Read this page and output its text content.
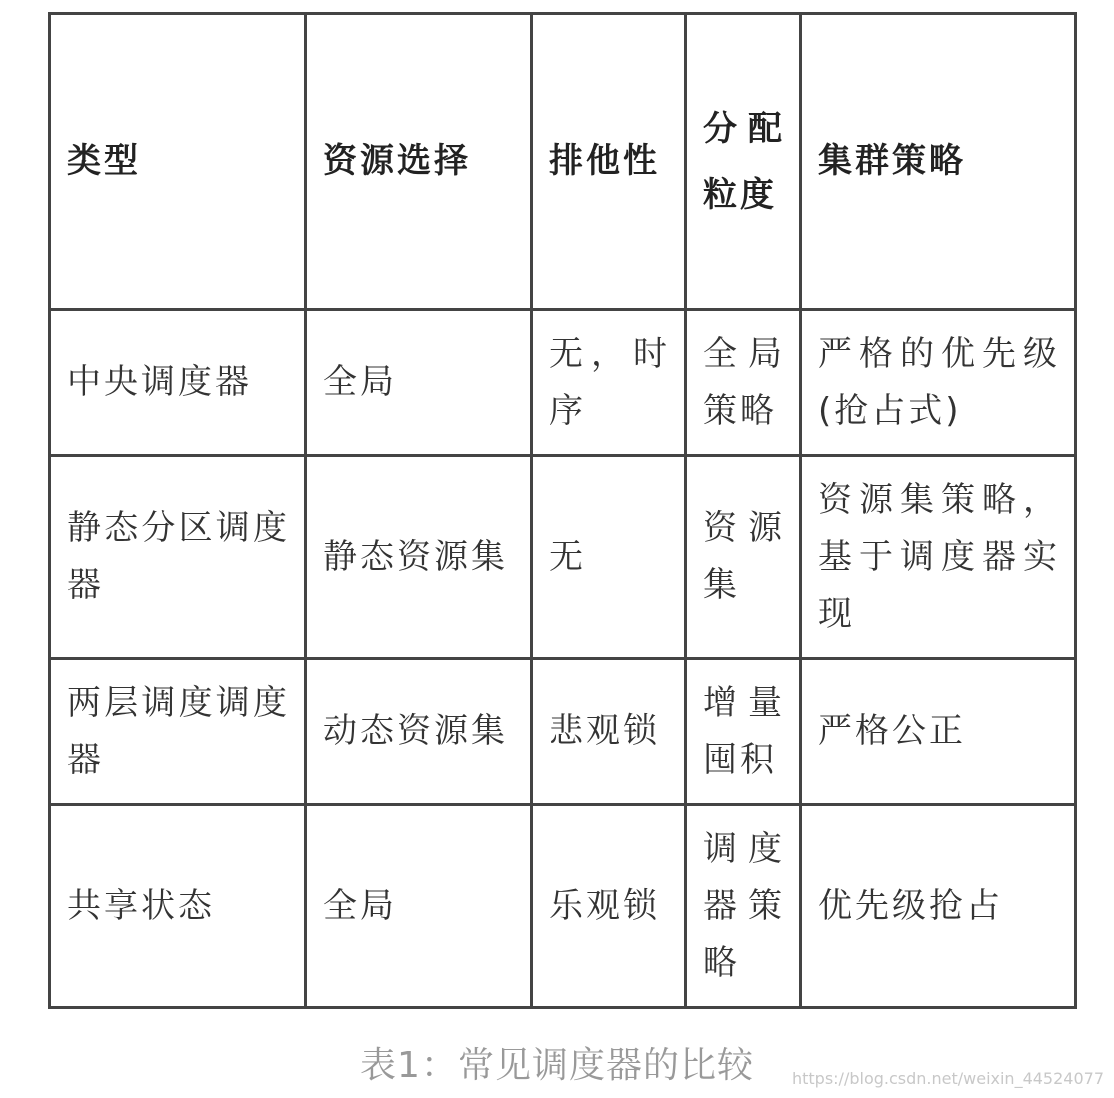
类型	资源选择	排他性	分配粒度	集群策略
中央调度器	全局	无，时序	全局策略	严格的优先级(抢占式)
静态分区调度器	静态资源集	无	资源集	资源集策略，基于调度器实现
两层调度调度器	动态资源集	悲观锁	增量囤积	严格公正
共享状态	全局	乐观锁	调度器策略	优先级抢占
表1：常见调度器的比较	https://blog.csdn.net/weixin_44524077
